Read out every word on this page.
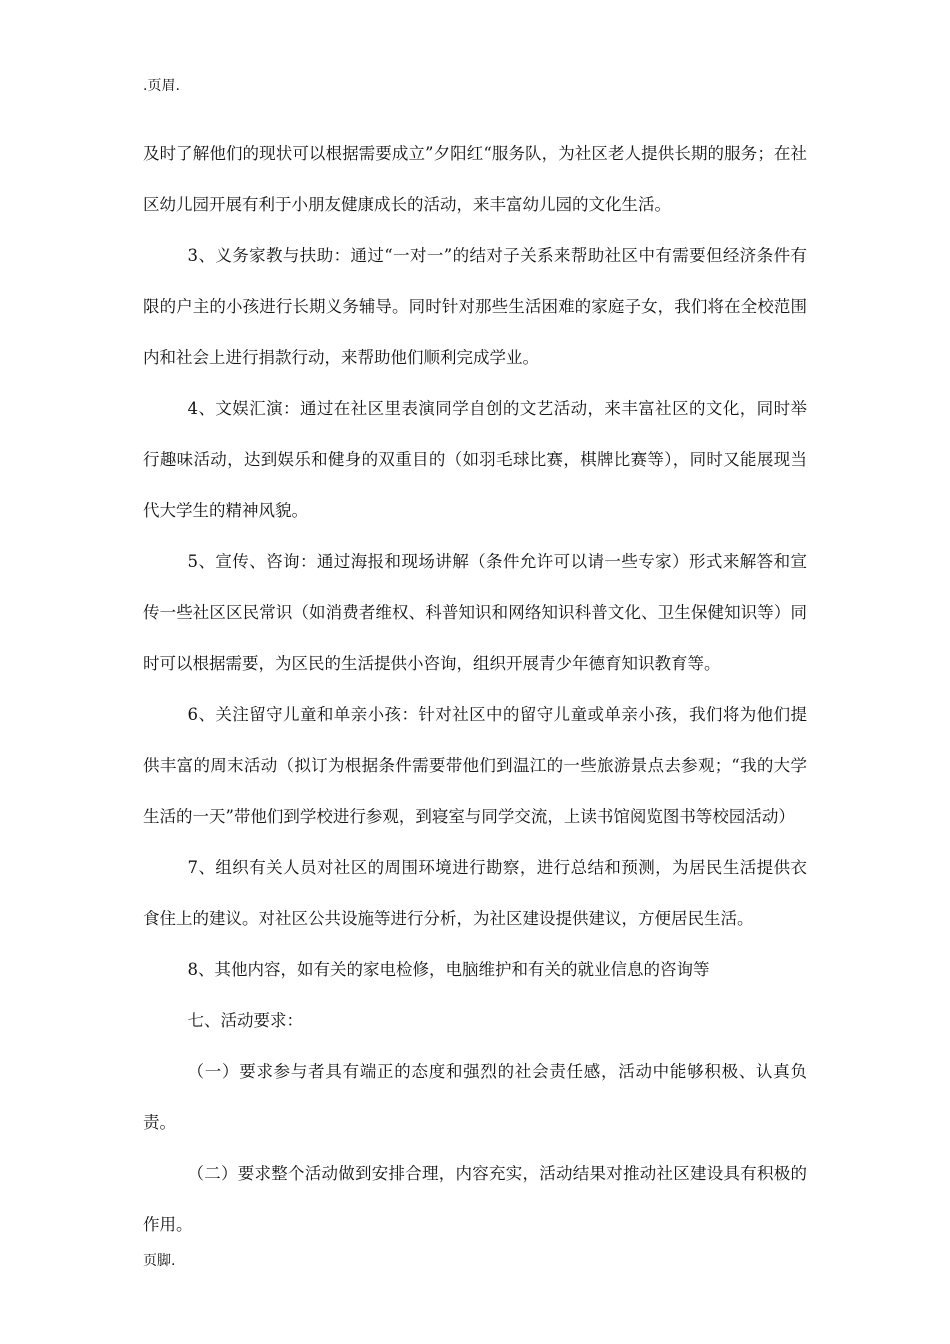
.页眉.

及时了解他们的现状可以根据需要成立”夕阳红“服务队，为社区老人提供长期的服务；在社区幼儿园开展有利于小朋友健康成长的活动，来丰富幼儿园的文化生活。

3、义务家教与扶助：通过“一对一”的结对子关系来帮助社区中有需要但经济条件有限的户主的小孩进行长期义务辅导。同时针对那些生活困难的家庭子女，我们将在全校范围内和社会上进行捐款行动，来帮助他们顺利完成学业。

4、文娱汇演：通过在社区里表演同学自创的文艺活动，来丰富社区的文化，同时举行趣味活动，达到娱乐和健身的双重目的（如羽毛球比赛，棋牌比赛等），同时又能展现当代大学生的精神风貌。

5、宣传、咨询：通过海报和现场讲解（条件允许可以请一些专家）形式来解答和宣传一些社区区民常识（如消费者维权、科普知识和网络知识科普文化、卫生保健知识等）同时可以根据需要，为区民的生活提供小咨询，组织开展青少年德育知识教育等。

6、关注留守儿童和单亲小孩：针对社区中的留守儿童或单亲小孩，我们将为他们提供丰富的周末活动（拟订为根据条件需要带他们到温江的一些旅游景点去参观；“我的大学生活的一天”带他们到学校进行参观，到寝室与同学交流，上读书馆阅览图书等校园活动）

7、组织有关人员对社区的周围环境进行勘察，进行总结和预测，为居民生活提供衣食住上的建议。对社区公共设施等进行分析，为社区建设提供建议，方便居民生活。

8、其他内容，如有关的家电检修，电脑维护和有关的就业信息的咨询等

七、活动要求：

（一）要求参与者具有端正的态度和强烈的社会责任感，活动中能够积极、认真负责。

（二）要求整个活动做到安排合理，内容充实，活动结果对推动社区建设具有积极的作用。

页脚.
